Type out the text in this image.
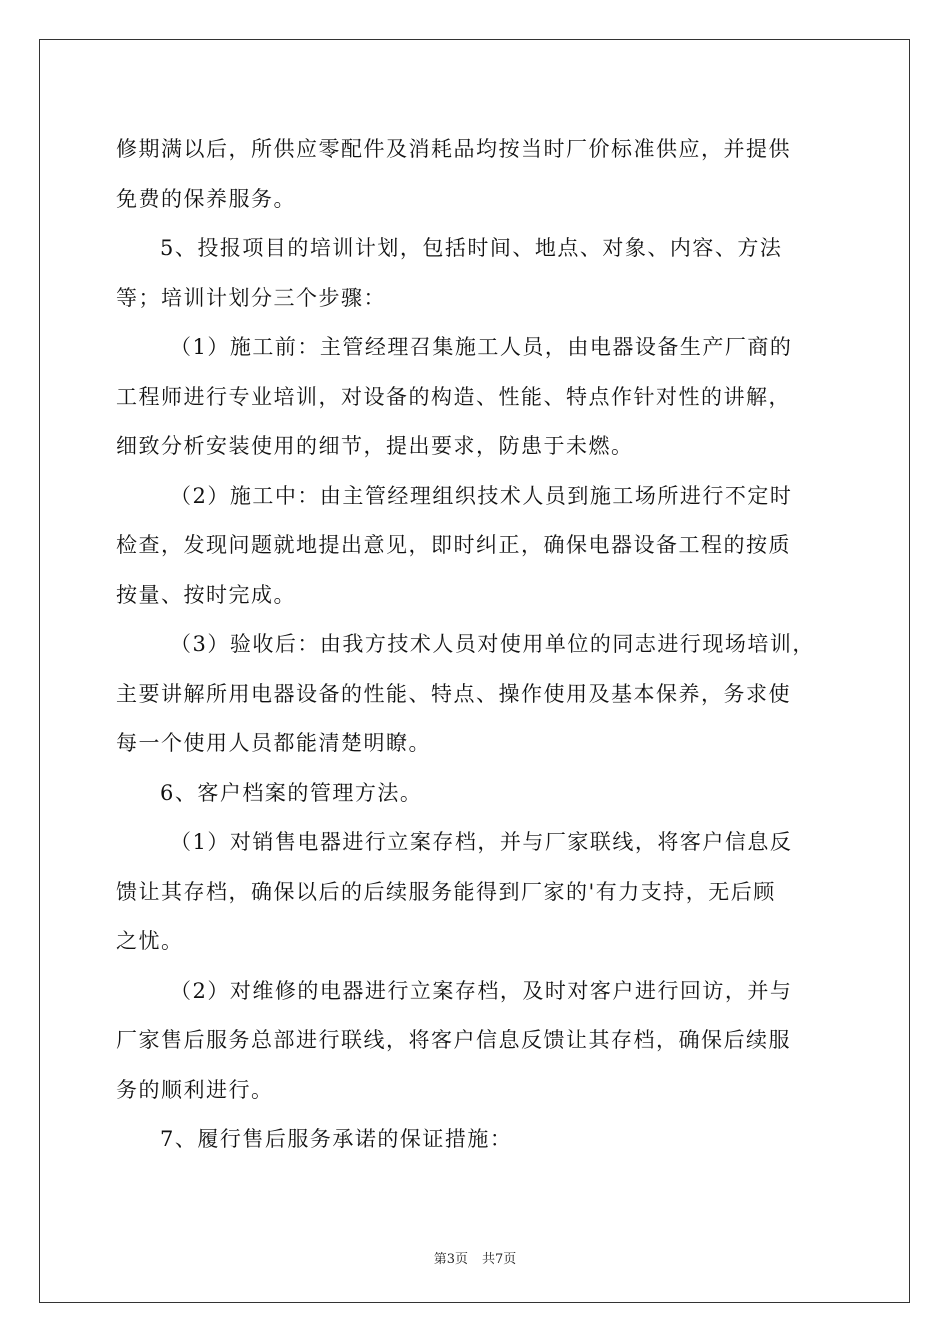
修期满以后，所供应零配件及消耗品均按当时厂价标准供应，并提供
免费的保养服务。
5、投报项目的培训计划，包括时间、地点、对象、内容、方法
等；培训计划分三个步骤：
（1）施工前：主管经理召集施工人员，由电器设备生产厂商的
工程师进行专业培训，对设备的构造、性能、特点作针对性的讲解，
细致分析安装使用的细节，提出要求，防患于未燃。
（2）施工中：由主管经理组织技术人员到施工场所进行不定时
检查，发现问题就地提出意见，即时纠正，确保电器设备工程的按质
按量、按时完成。
（3）验收后：由我方技术人员对使用单位的同志进行现场培训，
主要讲解所用电器设备的性能、特点、操作使用及基本保养，务求使
每一个使用人员都能清楚明瞭。
6、客户档案的管理方法。
（1）对销售电器进行立案存档，并与厂家联线，将客户信息反
馈让其存档，确保以后的后续服务能得到厂家的'有力支持，无后顾
之忧。
（2）对维修的电器进行立案存档，及时对客户进行回访，并与
厂家售后服务总部进行联线，将客户信息反馈让其存档，确保后续服
务的顺利进行。
7、履行售后服务承诺的保证措施：
第3页 共7页
